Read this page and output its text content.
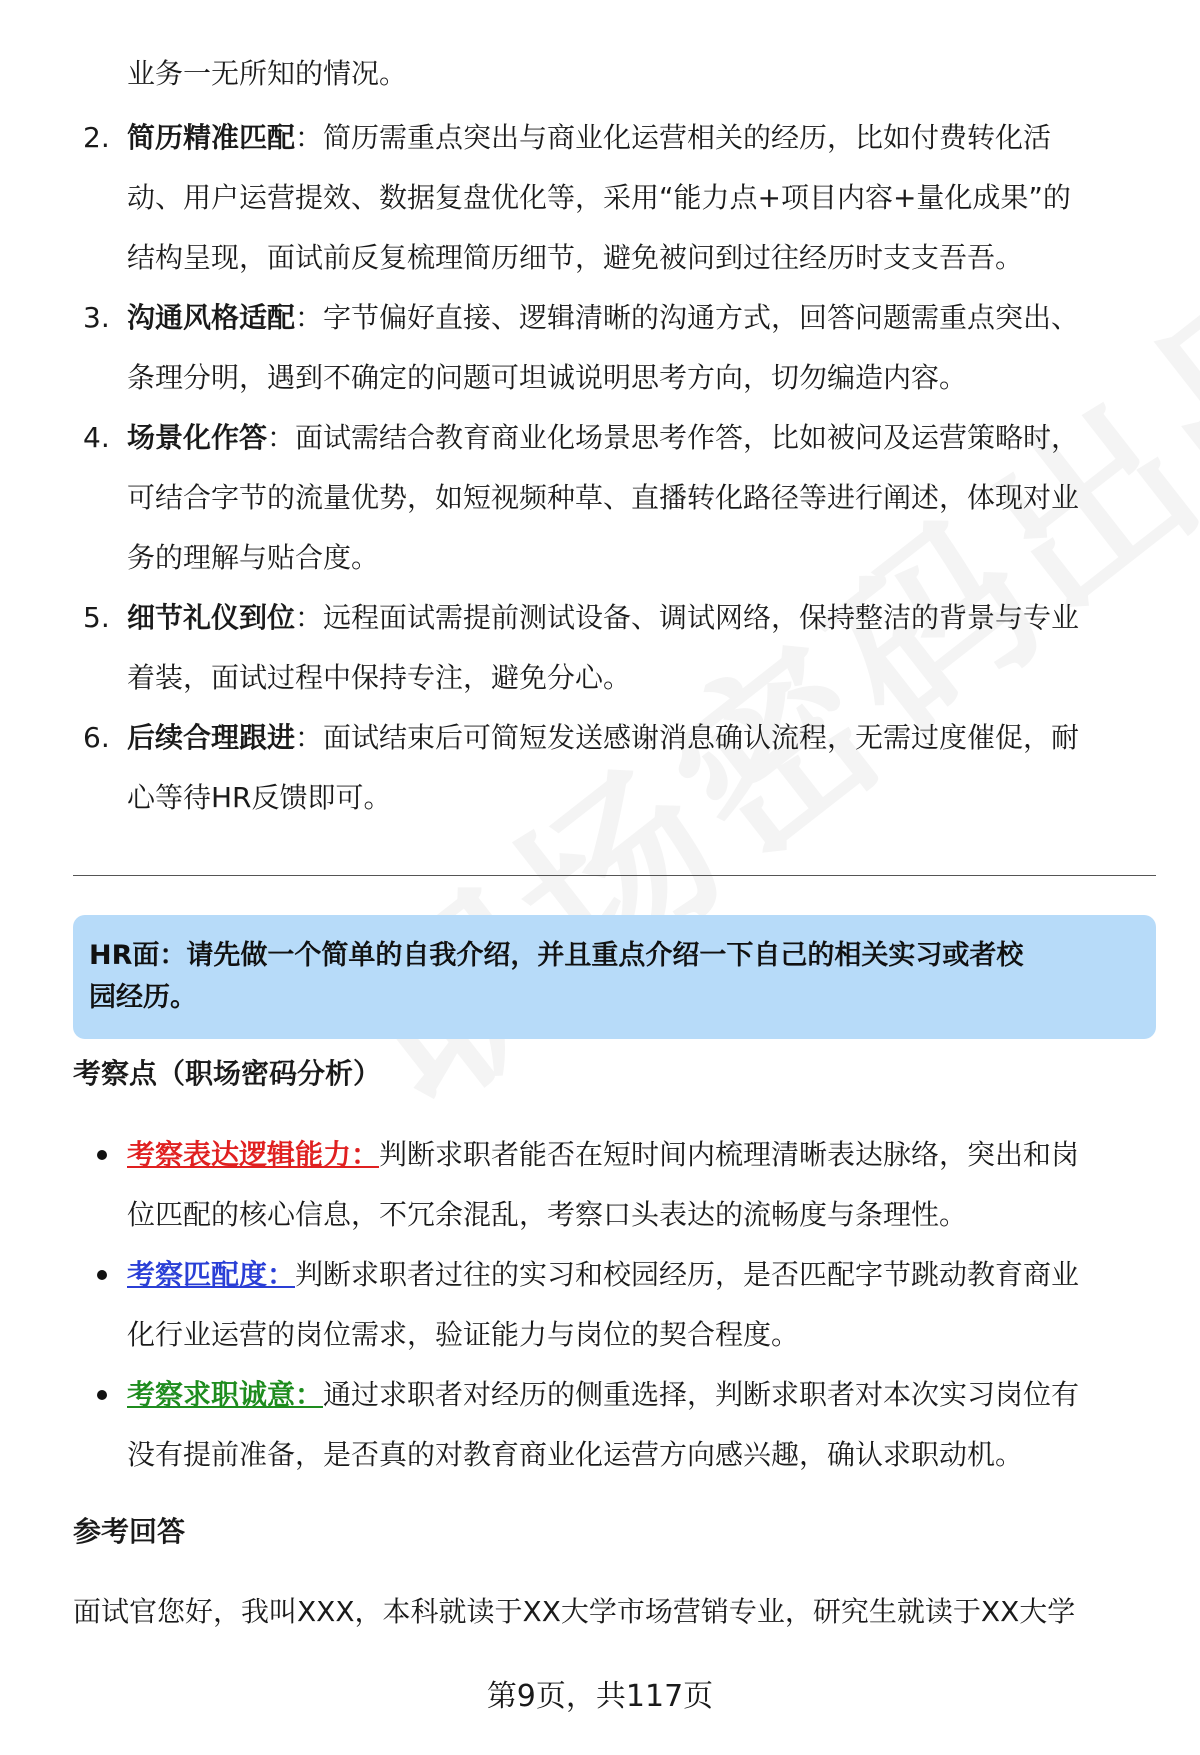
业务一无所知的情况。
2. 简历精准匹配：简历需重点突出与商业化运营相关的经历，比如付费转化活
动、用户运营提效、数据复盘优化等，采用“能力点+项目内容+量化成果”的
结构呈现，面试前反复梳理简历细节，避免被问到过往经历时支支吾吾。
3. 沟通风格适配：字节偏好直接、逻辑清晰的沟通方式，回答问题需重点突出、
条理分明，遇到不确定的问题可坦诚说明思考方向，切勿编造内容。
4. 场景化作答：面试需结合教育商业化场景思考作答，比如被问及运营策略时，
可结合字节的流量优势，如短视频种草、直播转化路径等进行阐述，体现对业
务的理解与贴合度。
5. 细节礼仪到位：远程面试需提前测试设备、调试网络，保持整洁的背景与专业
着装，面试过程中保持专注，避免分心。
6. 后续合理跟进：面试结束后可简短发送感谢消息确认流程，无需过度催促，耐
心等待HR反馈即可。
HR面：请先做一个简单的自我介绍，并且重点介绍一下自己的相关实习或者校
园经历。
考察点（职场密码分析）
考察表达逻辑能力：判断求职者能否在短时间内梳理清晰表达脉络，突出和岗
位匹配的核心信息，不冗余混乱，考察口头表达的流畅度与条理性。
考察匹配度：判断求职者过往的实习和校园经历，是否匹配字节跳动教育商业
化行业运营的岗位需求，验证能力与岗位的契合程度。
考察求职诚意：通过求职者对经历的侧重选择，判断求职者对本次实习岗位有
没有提前准备，是否真的对教育商业化运营方向感兴趣，确认求职动机。
参考回答
面试官您好，我叫XXX，本科就读于XX大学市场营销专业，研究生就读于XX大学
第9页，共117页
